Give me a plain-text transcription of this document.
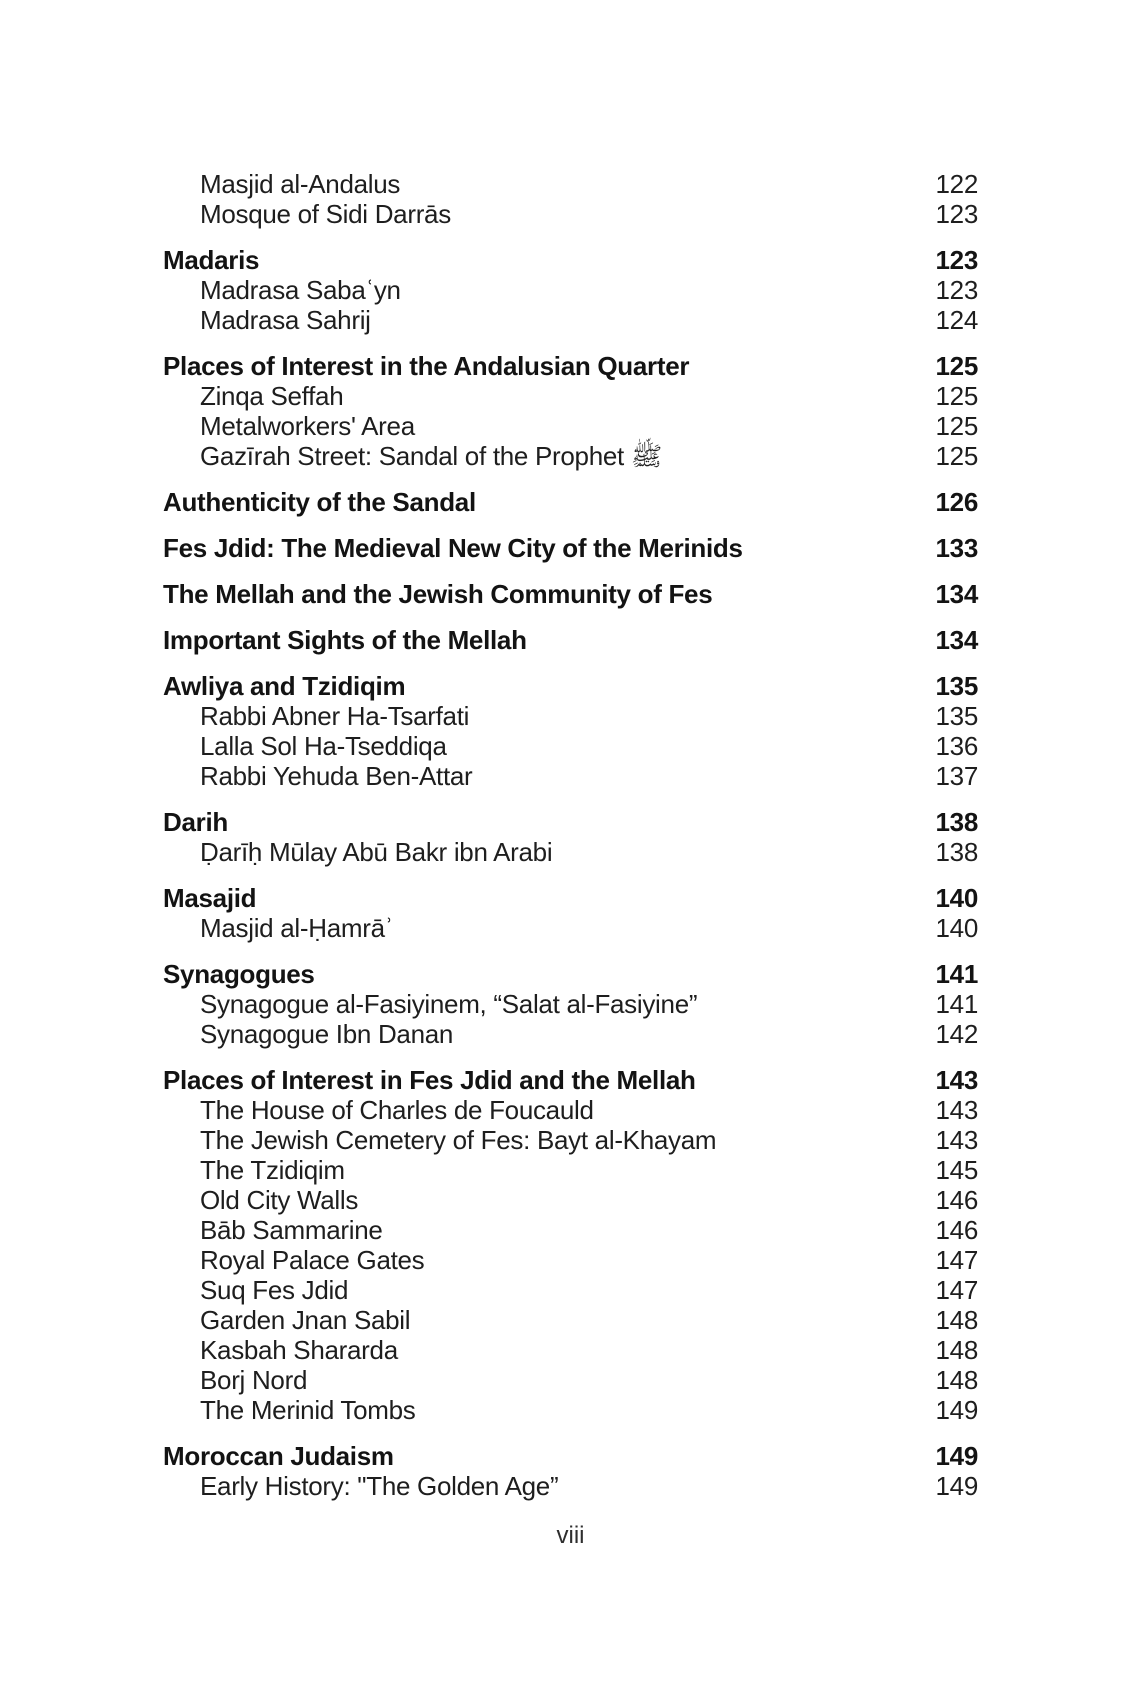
Masjid al-Andalus	122
Mosque of Sidi Darrās	123
Madaris	123
Madrasa Sabaʿyn	123
Madrasa Sahrij	124
Places of Interest in the Andalusian Quarter	125
Zinqa Seffah	125
Metalworkers' Area	125
Gazīrah Street: Sandal of the Prophet ﷺ	125
Authenticity of the Sandal	126
Fes Jdid: The Medieval New City of the Merinids	133
The Mellah and the Jewish Community of Fes	134
Important Sights of the Mellah	134
Awliya and Tzidiqim	135
Rabbi Abner Ha-Tsarfati	135
Lalla Sol Ha-Tseddiqa	136
Rabbi Yehuda Ben-Attar	137
Darih	138
Ḍarīḥ Mūlay Abū Bakr ibn Arabi	138
Masajid	140
Masjid al-Ḥamrāʾ	140
Synagogues	141
Synagogue al-Fasiyinem, “Salat al-Fasiyine”	141
Synagogue Ibn Danan	142
Places of Interest in Fes Jdid and the Mellah	143
The House of Charles de Foucauld	143
The Jewish Cemetery of Fes: Bayt al-Khayam	143
The Tzidiqim	145
Old City Walls	146
Bāb Sammarine	146
Royal Palace Gates	147
Suq Fes Jdid	147
Garden Jnan Sabil	148
Kasbah Shararda	148
Borj Nord	148
The Merinid Tombs	149
Moroccan Judaism	149
Early History: "The Golden Age”	149
viii
